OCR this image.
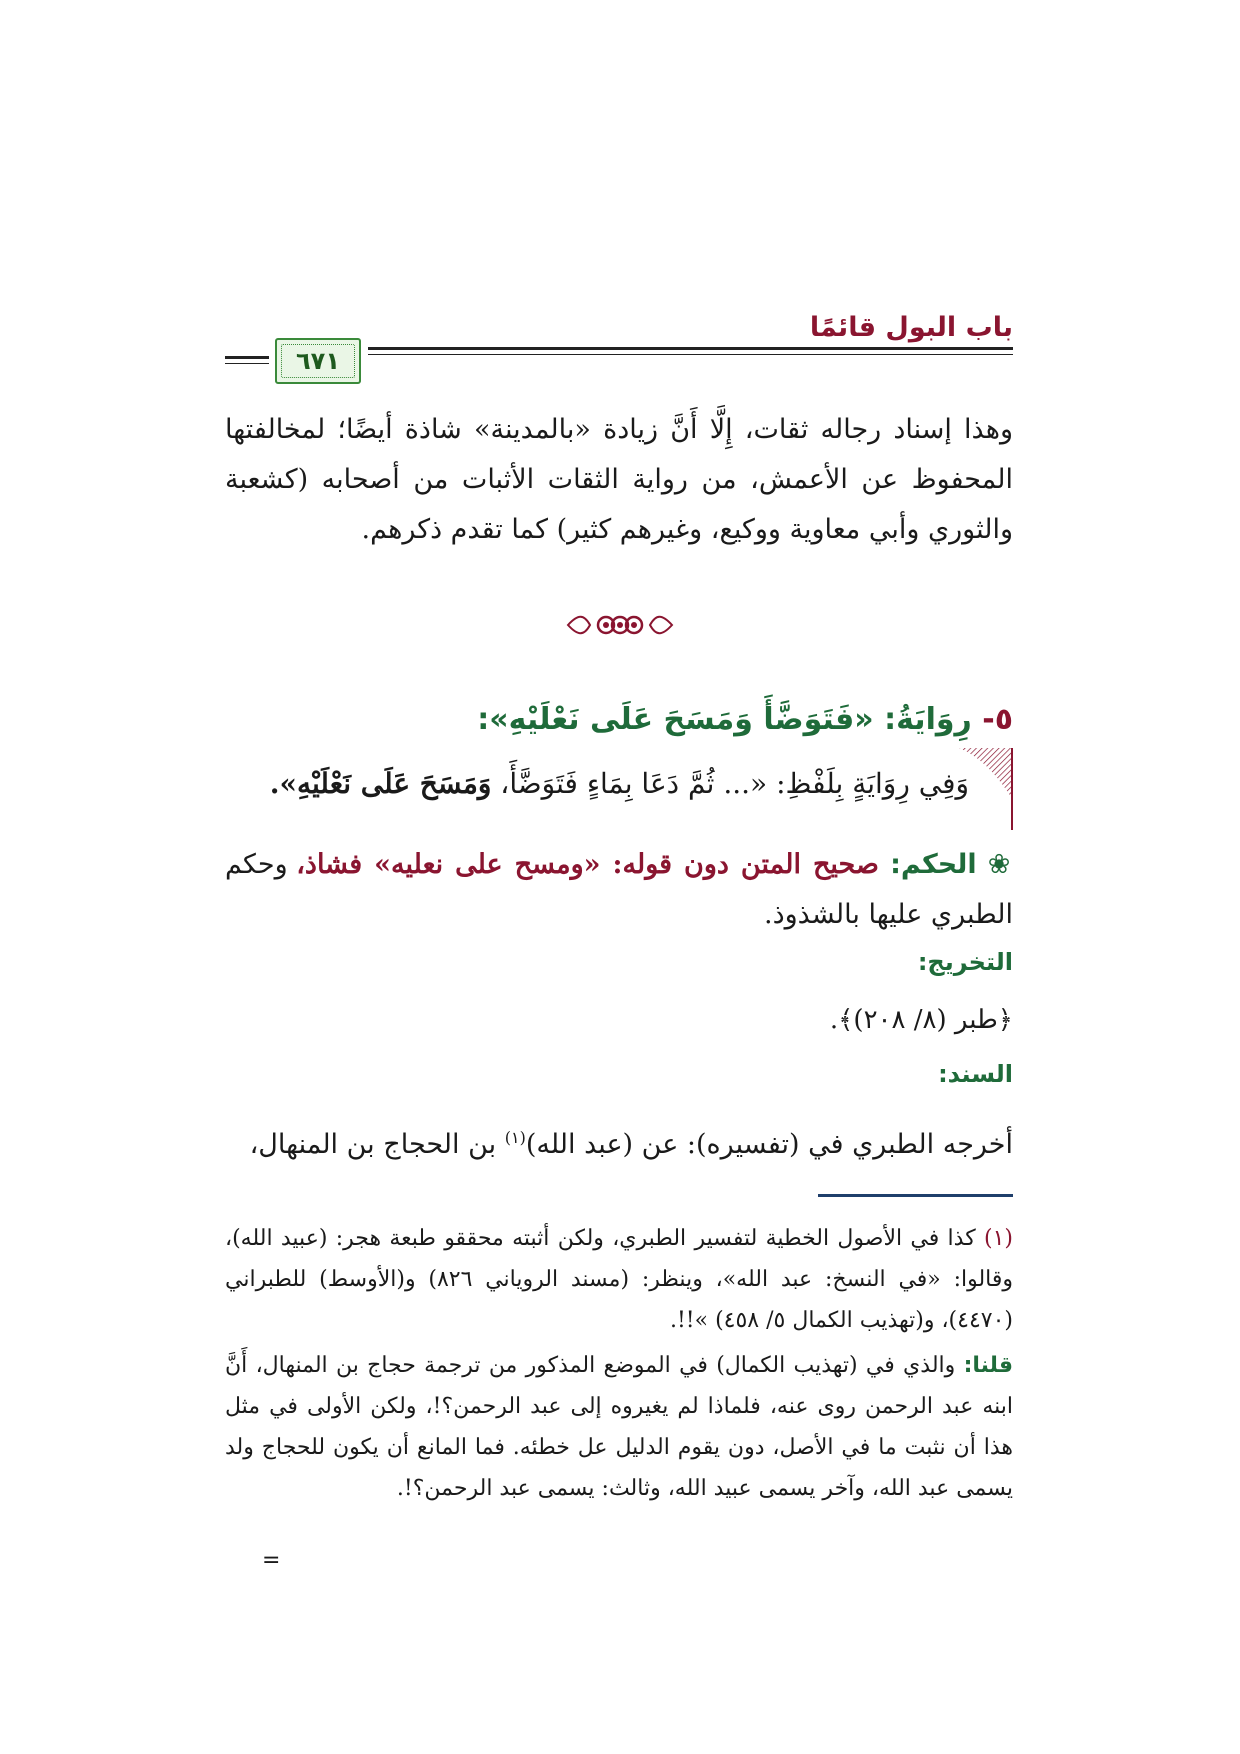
باب البول قائمًا
٦٧١
وهذا إسناد رجاله ثقات، إِلَّا أَنَّ زيادة «بالمدينة» شاذة أيضًا؛ لمخالفتها المحفوظ عن الأعمش، من رواية الثقات الأثبات من أصحابه (كشعبة والثوري وأبي معاوية ووكيع، وغيرهم كثير) كما تقدم ذكرهم.
٥- رِوَايَةُ: «فَتَوَضَّأَ وَمَسَحَ عَلَى نَعْلَيْهِ»:
وَفِي رِوَايَةٍ بِلَفْظِ: «... ثُمَّ دَعَا بِمَاءٍ فَتَوَضَّأَ، وَمَسَحَ عَلَى نَعْلَيْهِ».
❀ الحكم: صحيح المتن دون قوله: «ومسح على نعليه» فشاذ، وحكم الطبري عليها بالشذوذ.
التخريج:
﴿طبر (٨/ ٢٠٨)﴾.
السند:
أخرجه الطبري في (تفسيره): عن (عبد الله)$^{(١)}$ بن الحجاج بن المنهال،
(١) كذا في الأصول الخطية لتفسير الطبري، ولكن أثبته محققو طبعة هجر: (عبيد الله)، وقالوا: «في النسخ: عبد الله»، وينظر: (مسند الروياني ٨٢٦) و(الأوسط) للطبراني (٤٤٧٠)، و(تهذيب الكمال ٥/ ٤٥٨) »!!.
قلنا: والذي في (تهذيب الكمال) في الموضع المذكور من ترجمة حجاج بن المنهال، أَنَّ ابنه عبد الرحمن روى عنه، فلماذا لم يغيروه إلى عبد الرحمن؟!، ولكن الأولى في مثل هذا أن نثبت ما في الأصل، دون يقوم الدليل عل خطئه. فما المانع أن يكون للحجاج ولد يسمى عبد الله، وآخر يسمى عبيد الله، وثالث: يسمى عبد الرحمن؟!.
=
